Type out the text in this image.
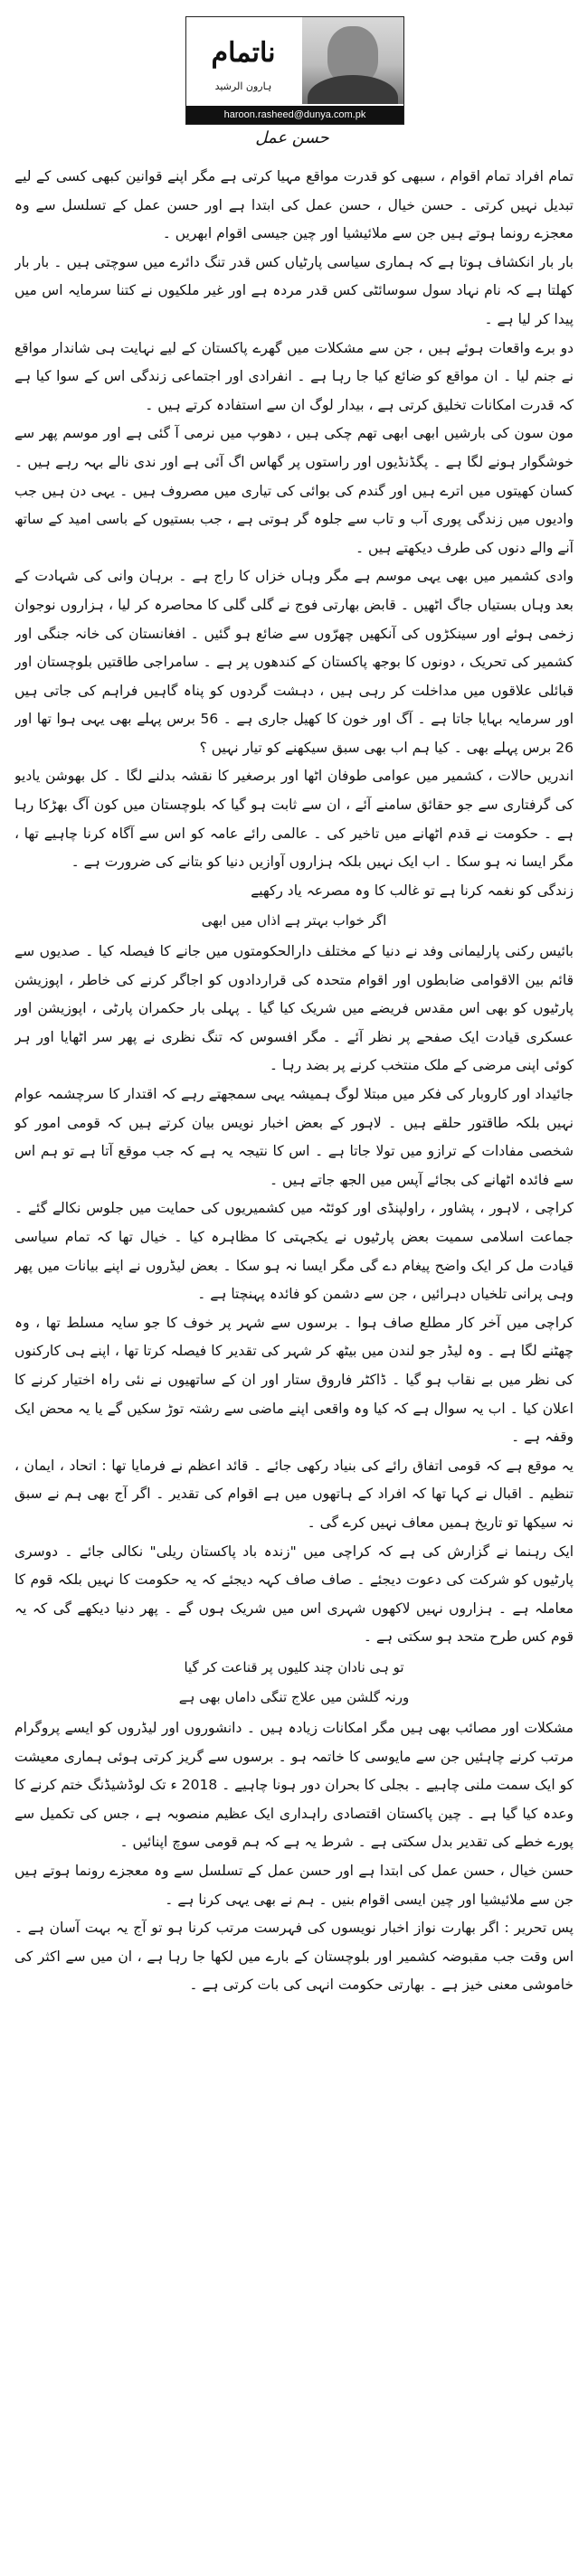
ناتمام
ہارون الرشید
haroon.rasheed@dunya.com.pk
حسن عمل

تمام افراد تمام اقوام ، سبھی کو قدرت مواقع مہیا کرتی ہے مگر اپنے قوانین کبھی کسی کے لیے تبدیل نہیں کرتی ۔ حسن خیال ، حسن عمل کی ابتدا ہے اور حسن عمل کے تسلسل سے وہ معجزے رونما ہوتے ہیں جن سے ملائیشیا اور چین جیسی اقوام ابھریں ۔

بار بار انکشاف ہوتا ہے کہ ہماری سیاسی پارٹیاں کس قدر تنگ دائرے میں سوچتی ہیں ۔ بار بار کھلتا ہے کہ نام نہاد سول سوسائٹی کس قدر مردہ ہے اور غیر ملکیوں نے کتنا سرمایہ اس میں پیدا کر لیا ہے ۔

دو برے واقعات ہوئے ہیں ، جن سے مشکلات میں گھرے پاکستان کے لیے نہایت ہی شاندار مواقع نے جنم لیا ۔ ان مواقع کو ضائع کیا جا رہا ہے ۔ انفرادی اور اجتماعی زندگی اس کے سوا کیا ہے کہ قدرت امکانات تخلیق کرتی ہے ، بیدار لوگ ان سے استفادہ کرتے ہیں ۔

مون سون کی بارشیں ابھی ابھی تھم چکی ہیں ، دھوپ میں نرمی آ گئی ہے اور موسم پھر سے خوشگوار ہونے لگا ہے ۔ پگڈنڈیوں اور راستوں پر گھاس اگ آئی ہے اور ندی نالے بہہ رہے ہیں ۔ کسان کھیتوں میں اترے ہیں اور گندم کی بوائی کی تیاری میں مصروف ہیں ۔ یہی دن ہیں جب وادیوں میں زندگی پوری آب و تاب سے جلوہ گر ہوتی ہے ، جب بستیوں کے باسی امید کے ساتھ آنے والے دنوں کی طرف دیکھتے ہیں ۔

وادی کشمیر میں بھی یہی موسم ہے مگر وہاں خزاں کا راج ہے ۔ برہان وانی کی شہادت کے بعد وہاں بستیاں جاگ اٹھیں ۔ قابض بھارتی فوج نے گلی گلی کا محاصرہ کر لیا ، ہزاروں نوجوان زخمی ہوئے اور سینکڑوں کی آنکھیں چھرّوں سے ضائع ہو گئیں ۔ افغانستان کی خانہ جنگی اور کشمیر کی تحریک ، دونوں کا بوجھ پاکستان کے کندھوں پر ہے ۔ سامراجی طاقتیں بلوچستان اور قبائلی علاقوں میں مداخلت کر رہی ہیں ، دہشت گردوں کو پناہ گاہیں فراہم کی جاتی ہیں اور سرمایہ بہایا جاتا ہے ۔ آگ اور خون کا کھیل جاری ہے ۔ 56 برس پہلے بھی یہی ہوا تھا اور 26 برس پہلے بھی ۔ کیا ہم اب بھی سبق سیکھنے کو تیار نہیں ؟

اندریں حالات ، کشمیر میں عوامی طوفان اٹھا اور برصغیر کا نقشہ بدلنے لگا ۔ کل بھوشن یادیو کی گرفتاری سے جو حقائق سامنے آئے ، ان سے ثابت ہو گیا کہ بلوچستان میں کون آگ بھڑکا رہا ہے ۔ حکومت نے قدم اٹھانے میں تاخیر کی ۔ عالمی رائے عامہ کو اس سے آگاہ کرنا چاہیے تھا ، مگر ایسا نہ ہو سکا ۔ اب ایک نہیں بلکہ ہزاروں آوازیں دنیا کو بتانے کی ضرورت ہے ۔

زندگی کو نغمہ کرنا ہے تو غالب کا وہ مصرعہ یاد رکھیے

اگر خواب بہتر ہے اذاں میں ابھی

بائیس رکنی پارلیمانی وفد نے دنیا کے مختلف دارالحکومتوں میں جانے کا فیصلہ کیا ۔ صدیوں سے قائم بین الاقوامی ضابطوں اور اقوام متحدہ کی قراردادوں کو اجاگر کرنے کی خاطر ، اپوزیشن پارٹیوں کو بھی اس مقدس فریضے میں شریک کیا گیا ۔ پہلی بار حکمران پارٹی ، اپوزیشن اور عسکری قیادت ایک صفحے پر نظر آئے ۔ مگر افسوس کہ تنگ نظری نے پھر سر اٹھایا اور ہر کوئی اپنی مرضی کے ملک منتخب کرنے پر بضد رہا ۔

جائیداد اور کاروبار کی فکر میں مبتلا لوگ ہمیشہ یہی سمجھتے رہے کہ اقتدار کا سرچشمہ عوام نہیں بلکہ طاقتور حلقے ہیں ۔ لاہور کے بعض اخبار نویس بیان کرتے ہیں کہ قومی امور کو شخصی مفادات کے ترازو میں تولا جاتا ہے ۔ اس کا نتیجہ یہ ہے کہ جب موقع آتا ہے تو ہم اس سے فائدہ اٹھانے کی بجائے آپس میں الجھ جاتے ہیں ۔

کراچی ، لاہور ، پشاور ، راولپنڈی اور کوئٹہ میں کشمیریوں کی حمایت میں جلوس نکالے گئے ۔ جماعت اسلامی سمیت بعض پارٹیوں نے یکجہتی کا مظاہرہ کیا ۔ خیال تھا کہ تمام سیاسی قیادت مل کر ایک واضح پیغام دے گی مگر ایسا نہ ہو سکا ۔ بعض لیڈروں نے اپنے بیانات میں پھر وہی پرانی تلخیاں دہرائیں ، جن سے دشمن کو فائدہ پہنچتا ہے ۔

کراچی میں آخر کار مطلع صاف ہوا ۔ برسوں سے شہر پر خوف کا جو سایہ مسلط تھا ، وہ چھٹنے لگا ہے ۔ وہ لیڈر جو لندن میں بیٹھ کر شہر کی تقدیر کا فیصلہ کرتا تھا ، اپنے ہی کارکنوں کی نظر میں بے نقاب ہو گیا ۔ ڈاکٹر فاروق ستار اور ان کے ساتھیوں نے نئی راہ اختیار کرنے کا اعلان کیا ۔ اب یہ سوال ہے کہ کیا وہ واقعی اپنے ماضی سے رشتہ توڑ سکیں گے یا یہ محض ایک وقفہ ہے ۔

یہ موقع ہے کہ قومی اتفاق رائے کی بنیاد رکھی جائے ۔ قائد اعظم نے فرمایا تھا : اتحاد ، ایمان ، تنظیم ۔ اقبال نے کہا تھا کہ افراد کے ہاتھوں میں ہے اقوام کی تقدیر ۔ اگر آج بھی ہم نے سبق نہ سیکھا تو تاریخ ہمیں معاف نہیں کرے گی ۔

ایک رہنما نے گزارش کی ہے کہ کراچی میں "زندہ باد پاکستان ریلی" نکالی جائے ۔ دوسری پارٹیوں کو شرکت کی دعوت دیجئے ۔ صاف صاف کہہ دیجئے کہ یہ حکومت کا نہیں بلکہ قوم کا معاملہ ہے ۔ ہزاروں نہیں لاکھوں شہری اس میں شریک ہوں گے ۔ پھر دنیا دیکھے گی کہ یہ قوم کس طرح متحد ہو سکتی ہے ۔

تو ہی نادان چند کلیوں پر قناعت کر گیا

ورنہ گلشن میں علاج تنگی داماں بھی ہے

مشکلات اور مصائب بھی ہیں مگر امکانات زیادہ ہیں ۔ دانشوروں اور لیڈروں کو ایسے پروگرام مرتب کرنے چاہئیں جن سے مایوسی کا خاتمہ ہو ۔ برسوں سے گریز کرتی ہوئی ہماری معیشت کو ایک سمت ملنی چاہیے ۔ بجلی کا بحران دور ہونا چاہیے ۔ 2018 ء تک لوڈشیڈنگ ختم کرنے کا وعدہ کیا گیا ہے ۔ چین پاکستان اقتصادی راہداری ایک عظیم منصوبہ ہے ، جس کی تکمیل سے پورے خطے کی تقدیر بدل سکتی ہے ۔ شرط یہ ہے کہ ہم قومی سوچ اپنائیں ۔

حسن خیال ، حسن عمل کی ابتدا ہے اور حسن عمل کے تسلسل سے وہ معجزے رونما ہوتے ہیں جن سے ملائیشیا اور چین ایسی اقوام بنیں ۔ ہم نے بھی یہی کرنا ہے ۔

پس تحریر : اگر بھارت نواز اخبار نویسوں کی فہرست مرتب کرنا ہو تو آج یہ بہت آسان ہے ۔ اس وقت جب مقبوضہ کشمیر اور بلوچستان کے بارے میں لکھا جا رہا ہے ، ان میں سے اکثر کی خاموشی معنی خیز ہے ۔ بھارتی حکومت انہی کی بات کرتی ہے ۔
